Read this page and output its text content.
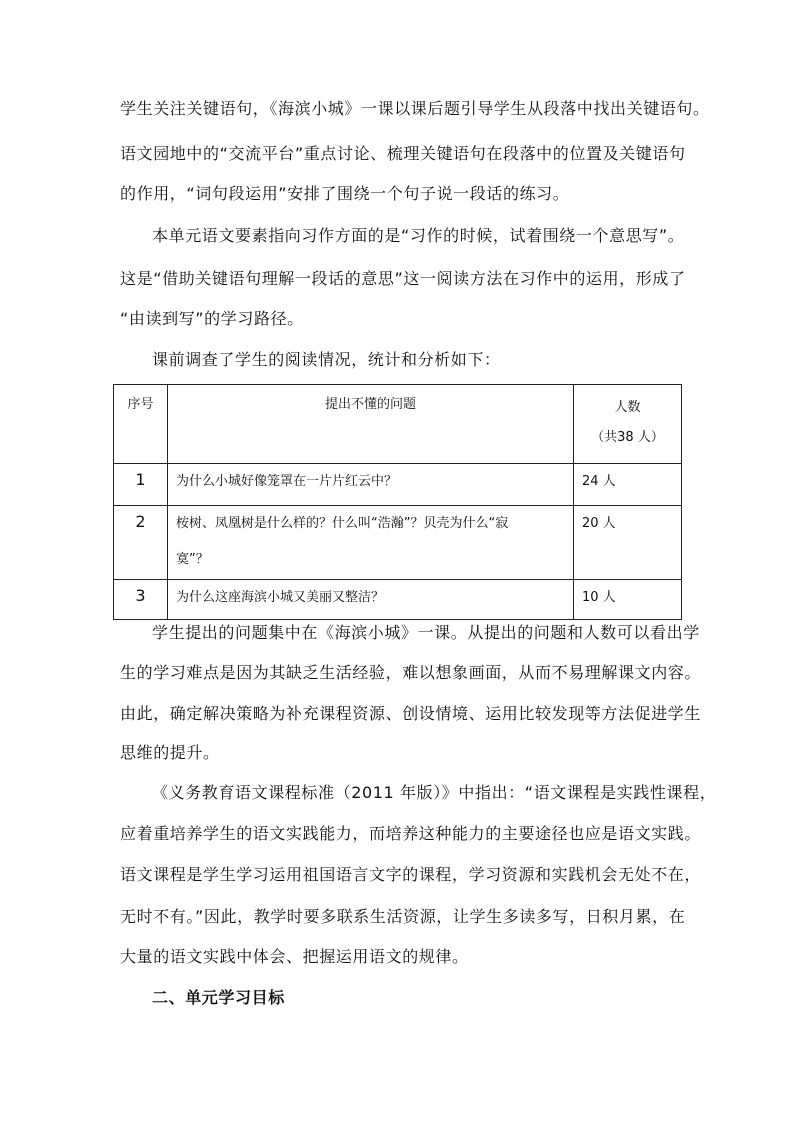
学生关注关键语句，《海滨小城》一课以课后题引导学生从段落中找出关键语句。
语文园地中的“交流平台”重点讨论、梳理关键语句在段落中的位置及关键语句
的作用，“词句段运用”安排了围绕一个句子说一段话的练习。
本单元语文要素指向习作方面的是“习作的时候，试着围绕一个意思写”。
这是“借助关键语句理解一段话的意思”这一阅读方法在习作中的运用，形成了
“由读到写”的学习路径。
课前调查了学生的阅读情况，统计和分析如下：
序号	提出不懂的问题	人数
（共38 人）

1	为什么小城好像笼罩在一片片红云中？	24 人
2	桉树、凤凰树是什么样的？什么叫“浩瀚”？贝壳为什么“寂
寞”？	20 人
3	为什么这座海滨小城又美丽又整洁？	10 人
学生提出的问题集中在《海滨小城》一课。从提出的问题和人数可以看出学
生的学习难点是因为其缺乏生活经验，难以想象画面，从而不易理解课文内容。
由此，确定解决策略为补充课程资源、创设情境、运用比较发现等方法促进学生
思维的提升。
《义务教育语文课程标准（2011 年版）》中指出：“语文课程是实践性课程，
应着重培养学生的语文实践能力，而培养这种能力的主要途径也应是语文实践。
语文课程是学生学习运用祖国语言文字的课程，学习资源和实践机会无处不在，
无时不有。”因此，教学时要多联系生活资源，让学生多读多写，日积月累，在
大量的语文实践中体会、把握运用语文的规律。
二、单元学习目标
